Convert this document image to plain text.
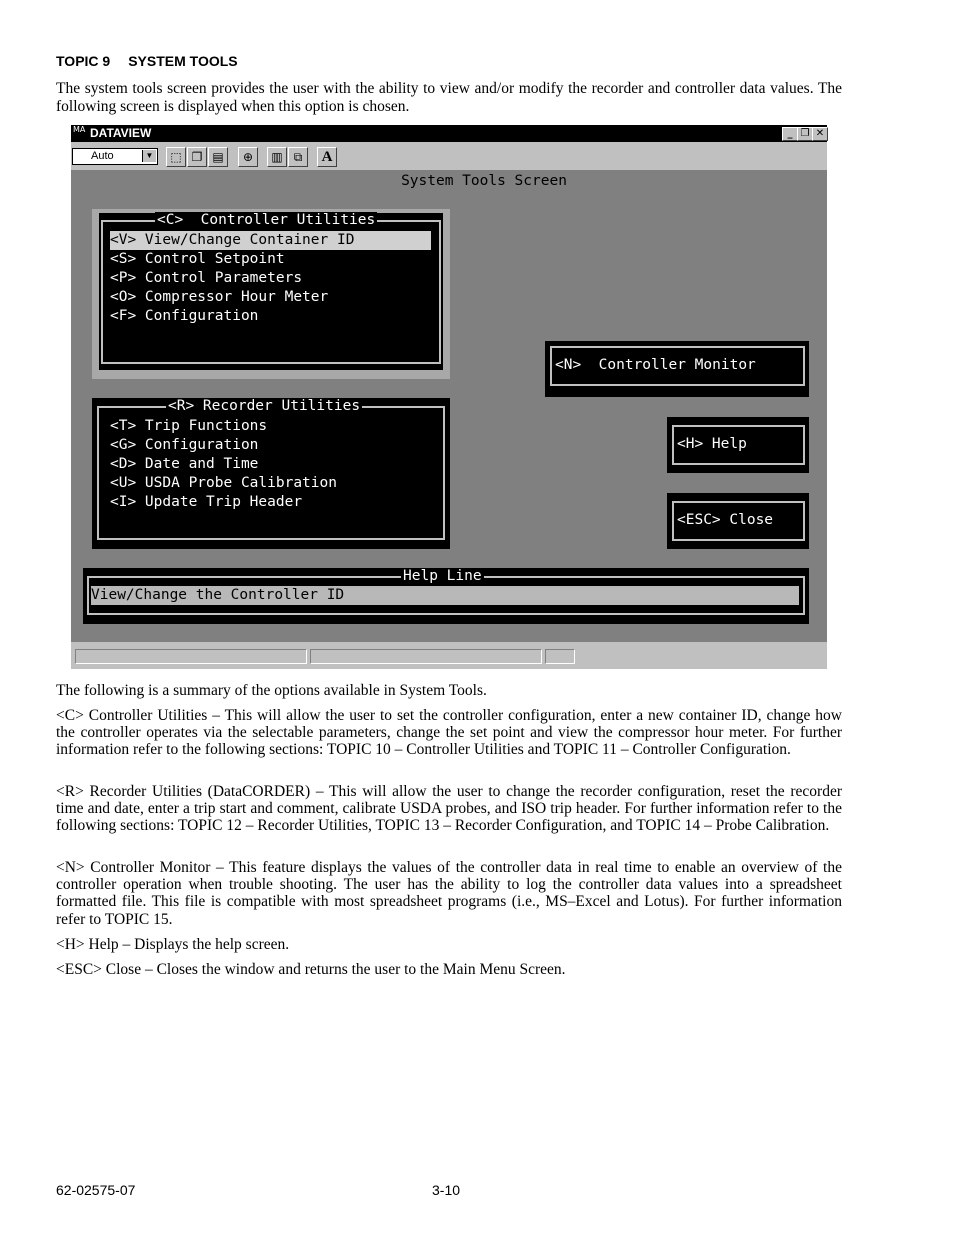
TOPIC 9 SYSTEM TOOLS
The system tools screen provides the user with the ability to view and/or modify the recorder and controller data values. The following screen is displayed when this option is chosen.
MA DATAVIEW	_ ❐ ✕
Auto	▼	⬚ ❐ ▤	⊕	▥ ⧉	A
System Tools Screen
<C>  Controller Utilities
<V> View/Change Container ID
<S> Control Setpoint
<P> Control Parameters
<O> Compressor Hour Meter
<F> Configuration
<R> Recorder Utilities
<T> Trip Functions
<G> Configuration
<D> Date and Time
<U> USDA Probe Calibration
<I> Update Trip Header
<N>  Controller Monitor
<H> Help
<ESC> Close
Help Line
View/Change the Controller ID

The following is a summary of the options available in System Tools.

<C> Controller Utilities – This will allow the user to set the controller configuration, enter a new container ID, change how the controller operates via the selectable parameters, change the set point and view the compressor hour meter. For further information refer to the following sections: TOPIC 10 – Controller Utilities and TOPIC 11 – Controller Configuration.

<R> Recorder Utilities (DataCORDER) – This will allow the user to change the recorder configuration, reset the recorder time and date, enter a trip start and comment, calibrate USDA probes, and ISO trip header. For further information refer to the following sections: TOPIC 12 – Recorder Utilities, TOPIC 13 – Recorder Configuration, and TOPIC 14 – Probe Calibration.

<N> Controller Monitor – This feature displays the values of the controller data in real time to enable an overview of the controller operation when trouble shooting. The user has the ability to log the controller data values into a spreadsheet formatted file. This file is compatible with most spreadsheet programs (i.e., MS–Excel and Lotus). For further information refer to TOPIC 15.

<H> Help – Displays the help screen.

<ESC> Close – Closes the window and returns the user to the Main Menu Screen.

62-02575-07	3-10
